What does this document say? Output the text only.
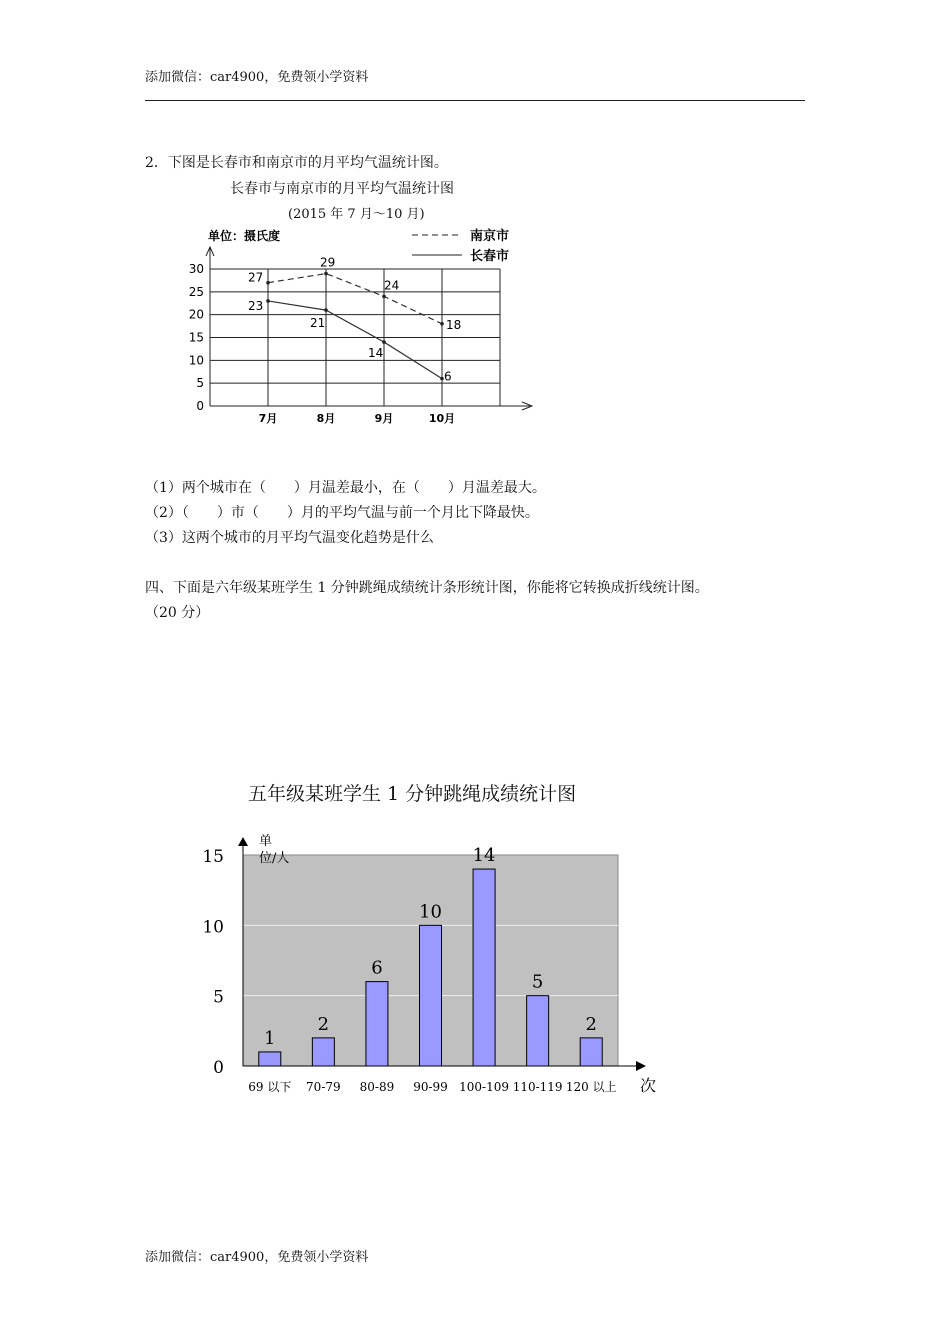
添加微信：car4900，免费领小学资料
2．下图是长春市和南京市的月平均气温统计图。
长春市与南京市的月平均气温统计图
(2015 年 7 月～10 月)
0
5
10
15
20
25
30
单位：摄氏度
7月	8月	9月	10月
南京市
长春市
27
29
24
18
23
21
14
6
（1）两个城市在（　　）月温差最小，在（　　）月温差最大。
（2）（　　）市（　　）月的平均气温与前一个月比下降最快。
（3）这两个城市的月平均气温变化趋势是什么
四、下面是六年级某班学生 1 分钟跳绳成绩统计条形统计图，你能将它转换成折线统计图。
（20 分）
五年级某班学生 1 分钟跳绳成绩统计图
0
5
10
15
单
位/人
次
1
69 以下
2
70-79
6
80-89
10
90-99
14
100-109
5
110-119
2
120 以上
添加微信：car4900，免费领小学资料
